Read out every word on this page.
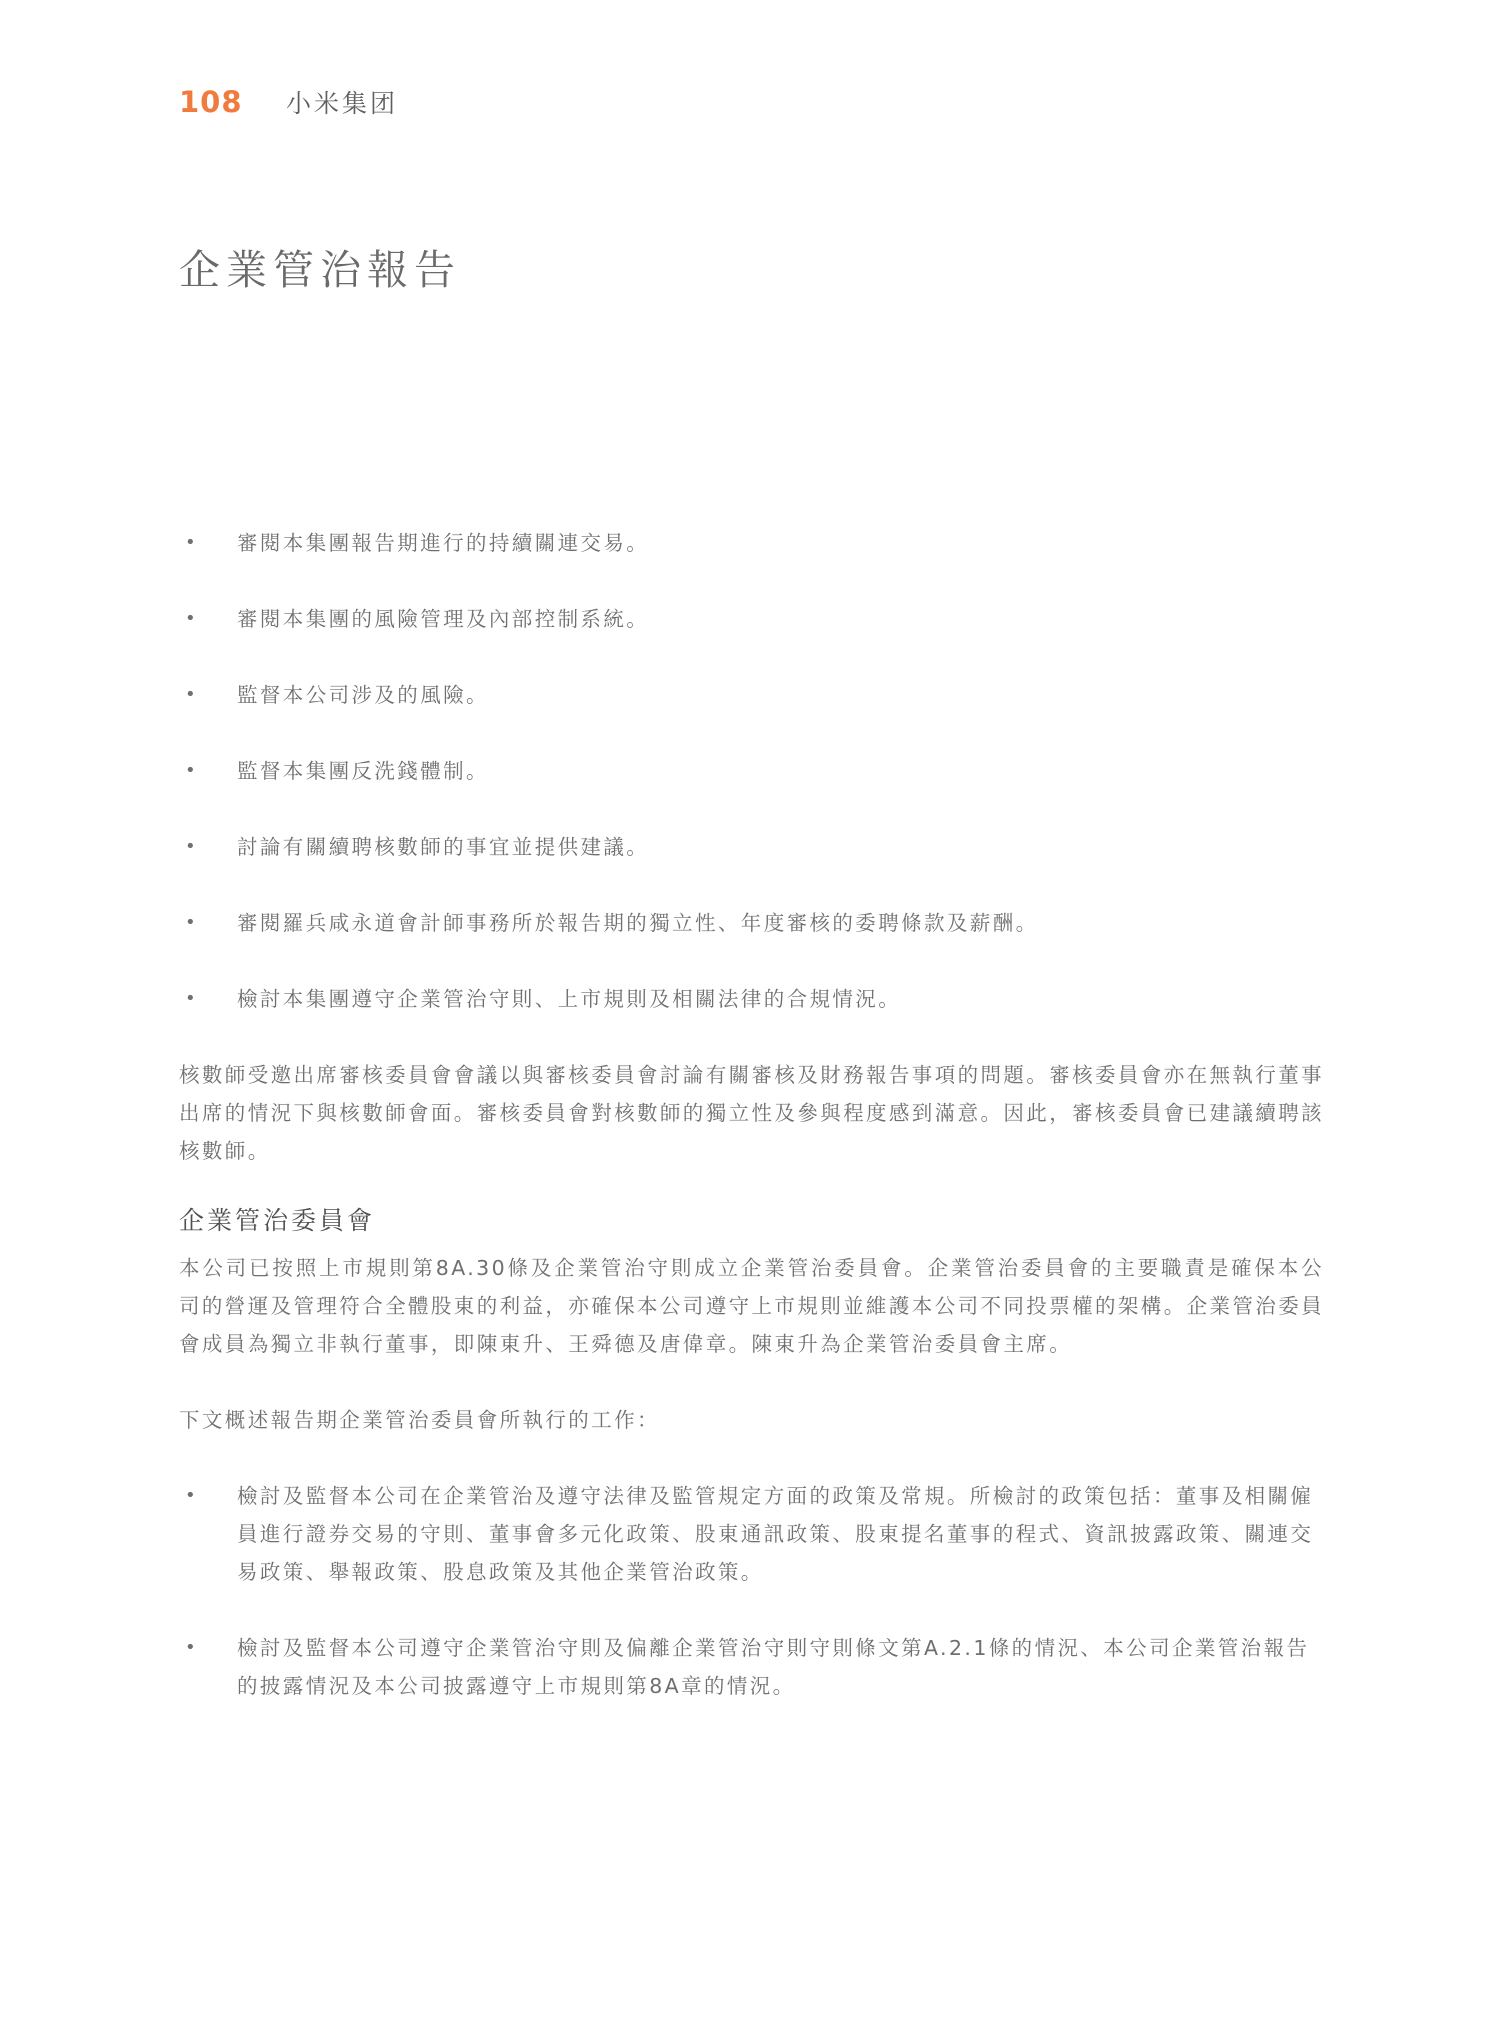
108	小米集团
企業管治報告
• 審閱本集團報告期進行的持續關連交易。
• 審閱本集團的風險管理及內部控制系統。
• 監督本公司涉及的風險。
• 監督本集團反洗錢體制。
• 討論有關續聘核數師的事宜並提供建議。
• 審閱羅兵咸永道會計師事務所於報告期的獨立性、年度審核的委聘條款及薪酬。
• 檢討本集團遵守企業管治守則、上市規則及相關法律的合規情況。

核數師受邀出席審核委員會會議以與審核委員會討論有關審核及財務報告事項的問題。審核委員會亦在無執行董事出席的情況下與核數師會面。審核委員會對核數師的獨立性及參與程度感到滿意。因此，審核委員會已建議續聘該核數師。

企業管治委員會

本公司已按照上市規則第8A.30條及企業管治守則成立企業管治委員會。企業管治委員會的主要職責是確保本公司的營運及管理符合全體股東的利益，亦確保本公司遵守上市規則並維護本公司不同投票權的架構。企業管治委員會成員為獨立非執行董事，即陳東升、王舜德及唐偉章。陳東升為企業管治委員會主席。

下文概述報告期企業管治委員會所執行的工作：

• 檢討及監督本公司在企業管治及遵守法律及監管規定方面的政策及常規。所檢討的政策包括：董事及相關僱員進行證券交易的守則、董事會多元化政策、股東通訊政策、股東提名董事的程式、資訊披露政策、關連交易政策、舉報政策、股息政策及其他企業管治政策。
• 檢討及監督本公司遵守企業管治守則及偏離企業管治守則守則條文第A.2.1條的情況、本公司企業管治報告的披露情況及本公司披露遵守上市規則第8A章的情況。
